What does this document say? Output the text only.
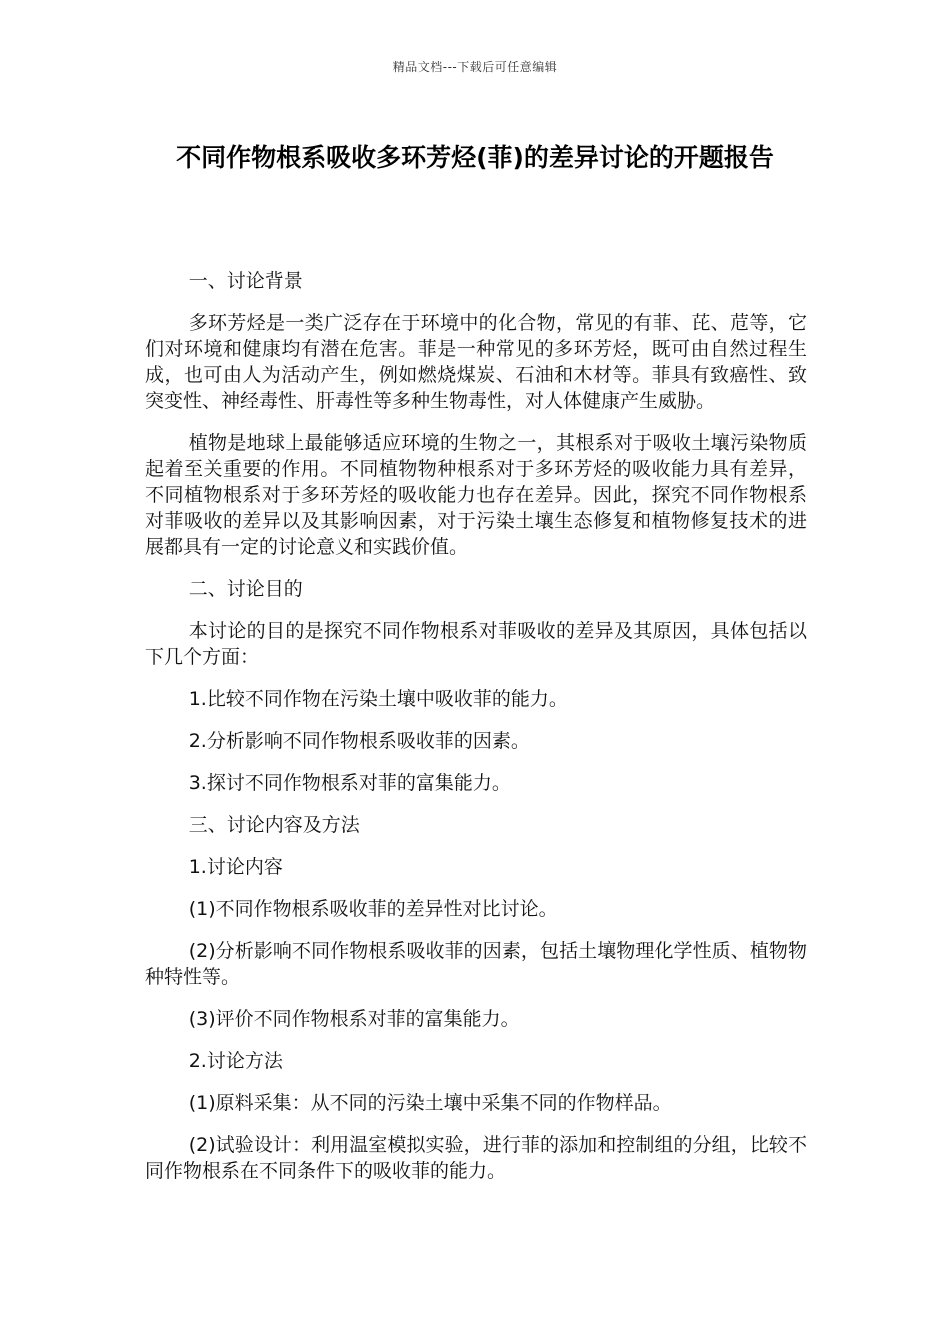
精品文档---下载后可任意编辑
不同作物根系吸收多环芳烃(菲)的差异讨论的开题报告

一、讨论背景

多环芳烃是一类广泛存在于环境中的化合物，常见的有菲、芘、苊等，它们对环境和健康均有潜在危害。菲是一种常见的多环芳烃，既可由自然过程生成，也可由人为活动产生，例如燃烧煤炭、石油和木材等。菲具有致癌性、致突变性、神经毒性、肝毒性等多种生物毒性，对人体健康产生威胁。

植物是地球上最能够适应环境的生物之一，其根系对于吸收土壤污染物质起着至关重要的作用。不同植物物种根系对于多环芳烃的吸收能力具有差异，不同植物根系对于多环芳烃的吸收能力也存在差异。因此，探究不同作物根系对菲吸收的差异以及其影响因素，对于污染土壤生态修复和植物修复技术的进展都具有一定的讨论意义和实践价值。

二、讨论目的

本讨论的目的是探究不同作物根系对菲吸收的差异及其原因，具体包括以下几个方面：

1.比较不同作物在污染土壤中吸收菲的能力。

2.分析影响不同作物根系吸收菲的因素。

3.探讨不同作物根系对菲的富集能力。

三、讨论内容及方法

1.讨论内容

(1)不同作物根系吸收菲的差异性对比讨论。

(2)分析影响不同作物根系吸收菲的因素，包括土壤物理化学性质、植物物种特性等。

(3)评价不同作物根系对菲的富集能力。

2.讨论方法

(1)原料采集：从不同的污染土壤中采集不同的作物样品。

(2)试验设计：利用温室模拟实验，进行菲的添加和控制组的分组，比较不同作物根系在不同条件下的吸收菲的能力。
